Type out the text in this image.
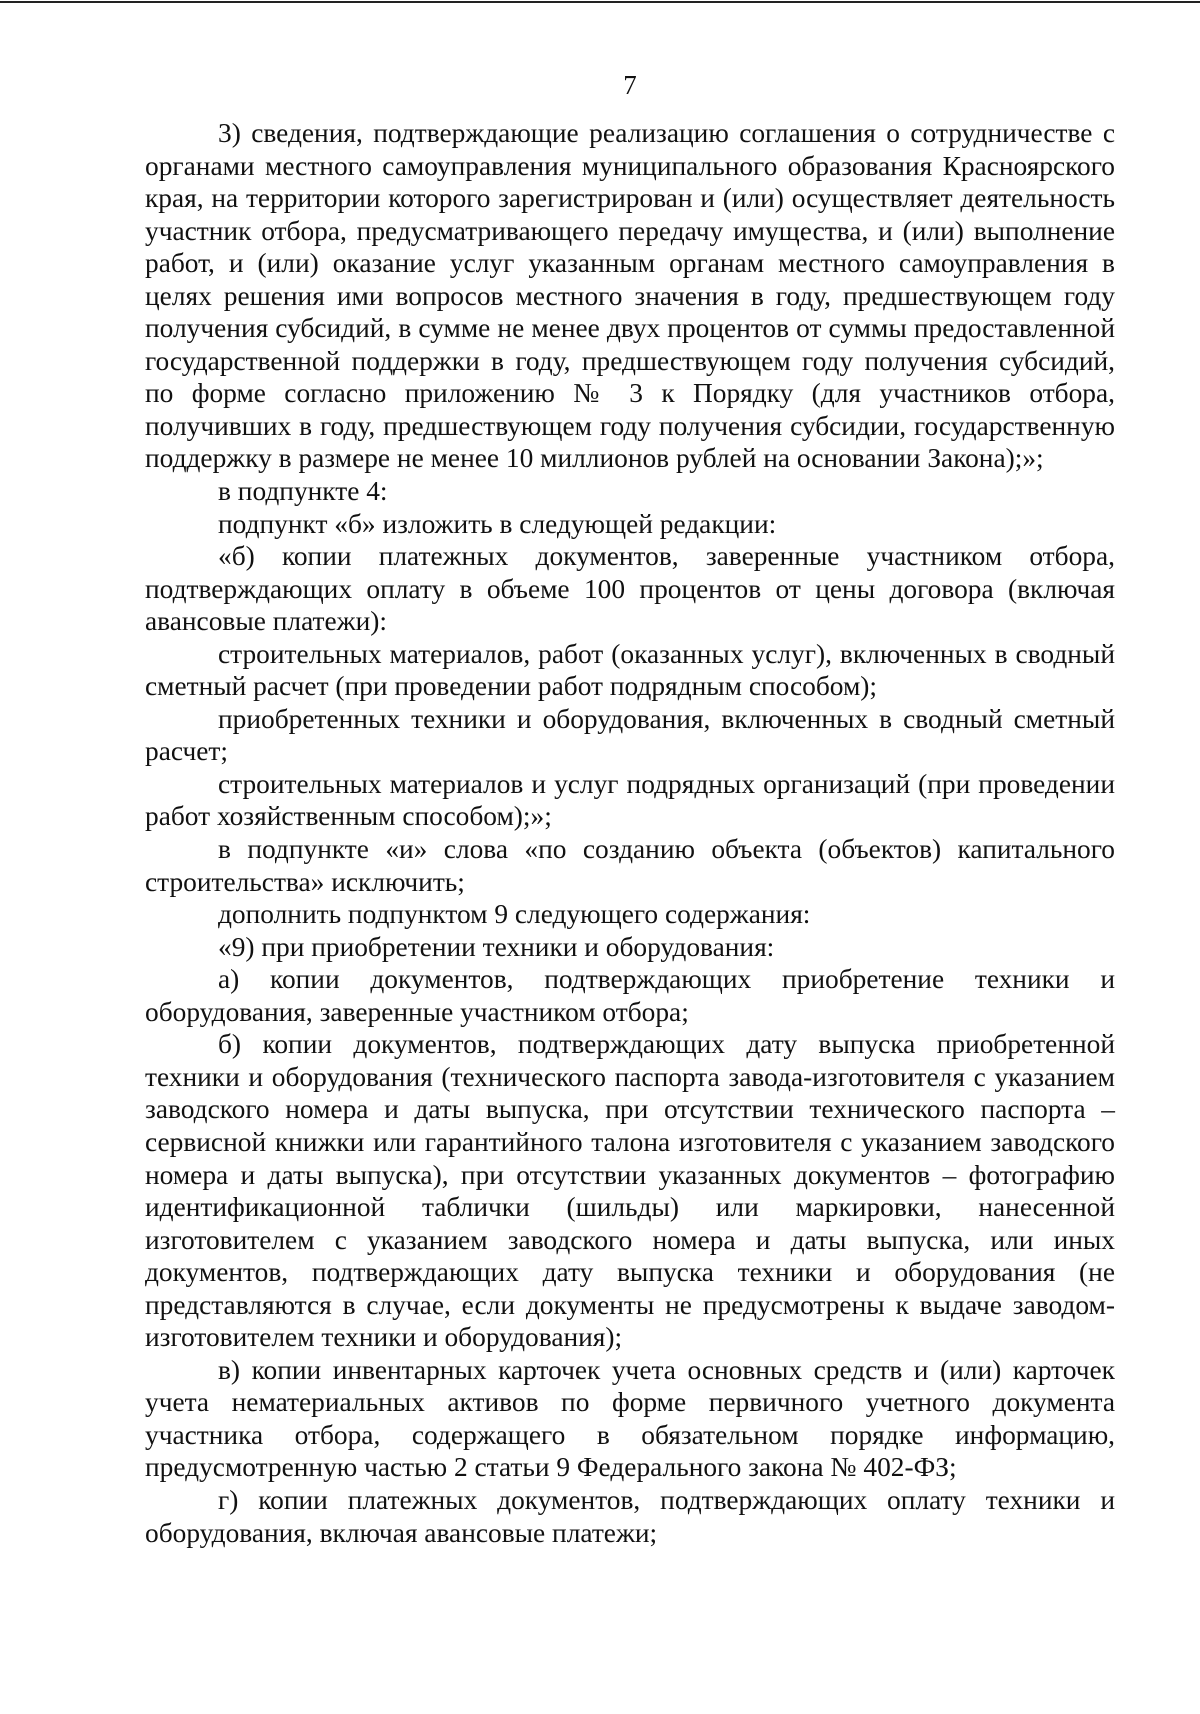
7

3) сведения, подтверждающие реализацию соглашения о сотрудничестве с органами местного самоуправления муниципального образования Красноярского края, на территории которого зарегистрирован и (или) осуществляет деятельность участник отбора, предусматривающего передачу имущества, и (или) выполнение работ, и (или) оказание услуг указанным органам местного самоуправления в целях решения ими вопросов местного значения в году, предшествующем году получения субсидий, в сумме не менее двух процентов от суммы предоставленной государственной поддержки в году, предшествующем году получения субсидий, по форме согласно приложению № 3 к Порядку (для участников отбора, получивших в году, предшествующем году получения субсидии, государственную поддержку в размере не менее 10 миллионов рублей на основании Закона);»;

в подпункте 4:

подпункт «б» изложить в следующей редакции:

«б) копии платежных документов, заверенные участником отбора, подтверждающих оплату в объеме 100 процентов от цены договора (включая авансовые платежи):

строительных материалов, работ (оказанных услуг), включенных в сводный сметный расчет (при проведении работ подрядным способом);

приобретенных техники и оборудования, включенных в сводный сметный расчет;

строительных материалов и услуг подрядных организаций (при проведении работ хозяйственным способом);»;

в подпункте «и» слова «по созданию объекта (объектов) капитального строительства» исключить;

дополнить подпунктом 9 следующего содержания:

«9) при приобретении техники и оборудования:

а) копии документов, подтверждающих приобретение техники и оборудования, заверенные участником отбора;

б) копии документов, подтверждающих дату выпуска приобретенной техники и оборудования (технического паспорта завода-изготовителя с указанием заводского номера и даты выпуска, при отсутствии технического паспорта – сервисной книжки или гарантийного талона изготовителя с указанием заводского номера и даты выпуска), при отсутствии указанных документов – фотографию идентификационной таблички (шильды) или маркировки, нанесенной изготовителем с указанием заводского номера и даты выпуска, или иных документов, подтверждающих дату выпуска техники и оборудования (не представляются в случае, если документы не предусмотрены к выдаче заводом-изготовителем техники и оборудования);

в) копии инвентарных карточек учета основных средств и (или) карточек учета нематериальных активов по форме первичного учетного документа участника отбора, содержащего в обязательном порядке информацию, предусмотренную частью 2 статьи 9 Федерального закона № 402-ФЗ;

г) копии платежных документов, подтверждающих оплату техники и оборудования, включая авансовые платежи;
